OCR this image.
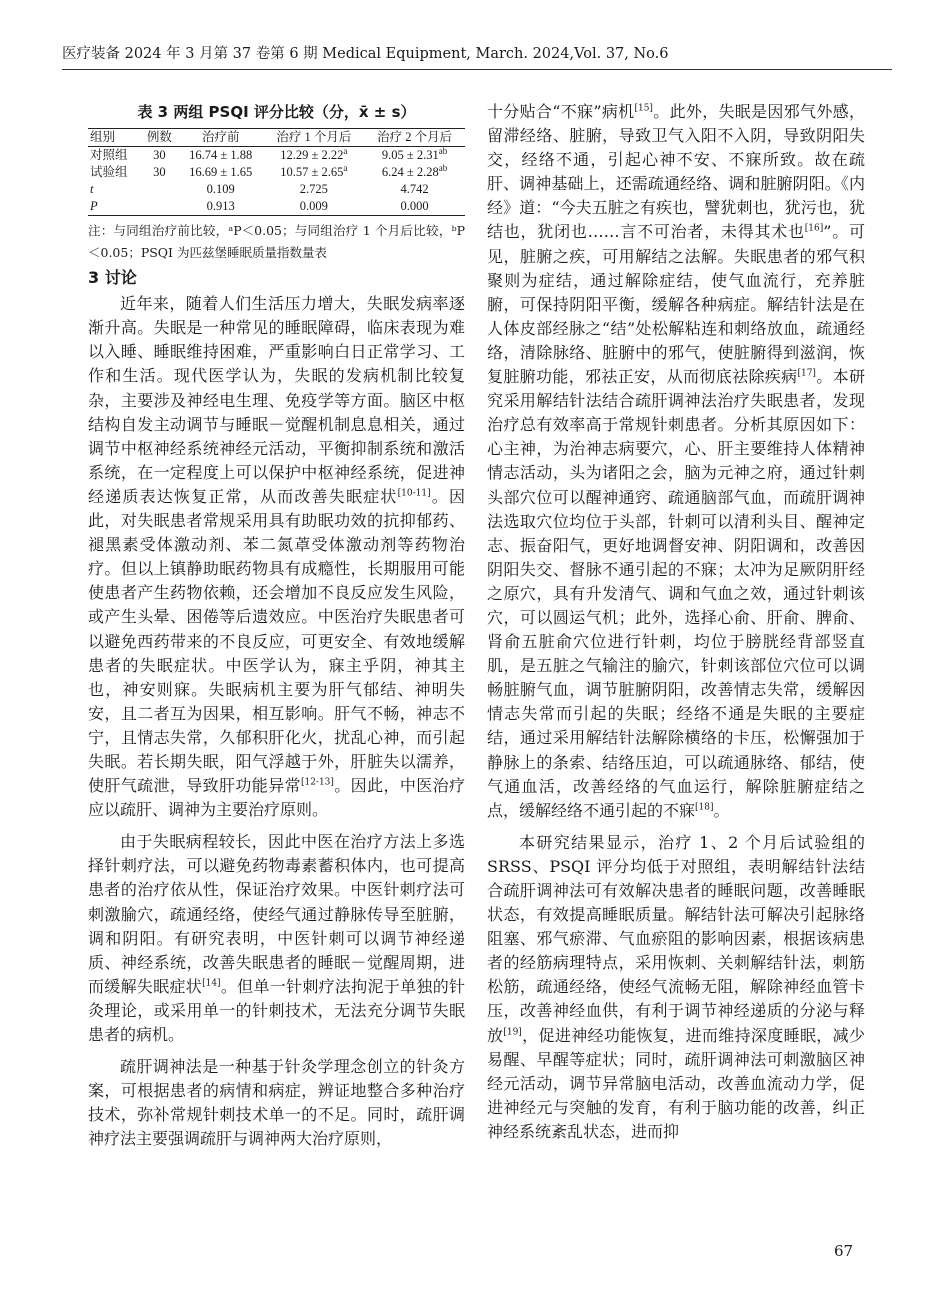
医疗装备 2024 年 3 月第 37 卷第 6 期 Medical Equipment, March. 2024,Vol. 37, No.6
表 3 两组 PSQI 评分比较（分，x̄ ± s）
组别	例数	治疗前	治疗 1 个月后	治疗 2 个月后
对照组	30	16.74 ± 1.88	12.29 ± 2.22$^a$	9.05 ± 2.31$^{ab}$
试验组	30	16.69 ± 1.65	10.57 ± 2.65$^a$	6.24 ± 2.28$^{ab}$
t		0.109	2.725	4.742
P		0.913	0.009	0.000
注：与同组治疗前比较，ᵃP＜0.05；与同组治疗 1 个月后比较，ᵇP＜0.05；PSQI 为匹兹堡睡眠质量指数量表
3 讨论

近年来，随着人们生活压力增大，失眠发病率逐渐升高。失眠是一种常见的睡眠障碍，临床表现为难以入睡、睡眠维持困难，严重影响白日正常学习、工作和生活。现代医学认为，失眠的发病机制比较复杂，主要涉及神经电生理、免疫学等方面。脑区中枢结构自发主动调节与睡眠－觉醒机制息息相关，通过调节中枢神经系统神经元活动，平衡抑制系统和激活系统，在一定程度上可以保护中枢神经系统，促进神经递质表达恢复正常，从而改善失眠症状[10-11]。因此，对失眠患者常规采用具有助眠功效的抗抑郁药、褪黑素受体激动剂、苯二氮䓬受体激动剂等药物治疗。但以上镇静助眠药物具有成瘾性，长期服用可能使患者产生药物依赖，还会增加不良反应发生风险，或产生头晕、困倦等后遗效应。中医治疗失眠患者可以避免西药带来的不良反应，可更安全、有效地缓解患者的失眠症状。中医学认为，寐主乎阴，神其主也，神安则寐。失眠病机主要为肝气郁结、神明失安，且二者互为因果，相互影响。肝气不畅，神志不宁，且情志失常，久郁积肝化火，扰乱心神，而引起失眠。若长期失眠，阳气浮越于外，肝脏失以濡养，使肝气疏泄，导致肝功能异常[12-13]。因此，中医治疗应以疏肝、调神为主要治疗原则。

由于失眠病程较长，因此中医在治疗方法上多选择针刺疗法，可以避免药物毒素蓄积体内，也可提高患者的治疗依从性，保证治疗效果。中医针刺疗法可刺激腧穴，疏通经络，使经气通过静脉传导至脏腑，调和阴阳。有研究表明，中医针刺可以调节神经递质、神经系统，改善失眠患者的睡眠－觉醒周期，进而缓解失眠症状[14]。但单一针刺疗法拘泥于单独的针灸理论，或采用单一的针刺技术，无法充分调节失眠患者的病机。

疏肝调神法是一种基于针灸学理念创立的针灸方案，可根据患者的病情和病症，辨证地整合多种治疗技术，弥补常规针刺技术单一的不足。同时，疏肝调神疗法主要强调疏肝与调神两大治疗原则，

十分贴合“不寐”病机[15]。此外，失眠是因邪气外感，留滞经络、脏腑，导致卫气入阳不入阴，导致阴阳失交，经络不通，引起心神不安、不寐所致。故在疏肝、调神基础上，还需疏通经络、调和脏腑阴阳。《内经》道：“今夫五脏之有疾也，譬犹刺也，犹污也，犹结也，犹闭也……言不可治者，未得其术也[16]”。可见，脏腑之疾，可用解结之法解。失眠患者的邪气积聚则为症结，通过解除症结，使气血流行，充养脏腑，可保持阴阳平衡，缓解各种病症。解结针法是在人体皮部经脉之“结”处松解粘连和刺络放血，疏通经络，清除脉络、脏腑中的邪气，使脏腑得到滋润，恢复脏腑功能，邪祛正安，从而彻底祛除疾病[17]。本研究采用解结针法结合疏肝调神法治疗失眠患者，发现治疗总有效率高于常规针刺患者。分析其原因如下：心主神，为治神志病要穴，心、肝主要维持人体精神情志活动，头为诸阳之会，脑为元神之府，通过针刺头部穴位可以醒神通窍、疏通脑部气血，而疏肝调神法选取穴位均位于头部，针刺可以清利头目、醒神定志、振奋阳气，更好地调督安神、阴阳调和，改善因阴阳失交、督脉不通引起的不寐；太冲为足厥阴肝经之原穴，具有升发清气、调和气血之效，通过针刺该穴，可以圆运气机；此外，选择心俞、肝俞、脾俞、肾俞五脏俞穴位进行针刺，均位于膀胱经背部竖直肌，是五脏之气输注的腧穴，针刺该部位穴位可以调畅脏腑气血，调节脏腑阴阳，改善情志失常，缓解因情志失常而引起的失眠；经络不通是失眠的主要症结，通过采用解结针法解除横络的卡压，松懈强加于静脉上的条索、结络压迫，可以疏通脉络、郁结，使气通血活，改善经络的气血运行，解除脏腑症结之点，缓解经络不通引起的不寐[18]。

本研究结果显示，治疗 1、2 个月后试验组的SRSS、PSQI 评分均低于对照组，表明解结针法结合疏肝调神法可有效解决患者的睡眠问题，改善睡眠状态，有效提高睡眠质量。解结针法可解决引起脉络阻塞、邪气瘀滞、气血瘀阻的影响因素，根据该病患者的经筋病理特点，采用恢刺、关刺解结针法，刺筋松筋，疏通经络，使经气流畅无阻，解除神经血管卡压，改善神经血供，有利于调节神经递质的分泌与释放[19]，促进神经功能恢复，进而维持深度睡眠，减少易醒、早醒等症状；同时，疏肝调神法可刺激脑区神经元活动，调节异常脑电活动，改善血流动力学，促进神经元与突触的发育，有利于脑功能的改善，纠正神经系统紊乱状态，进而抑

67
